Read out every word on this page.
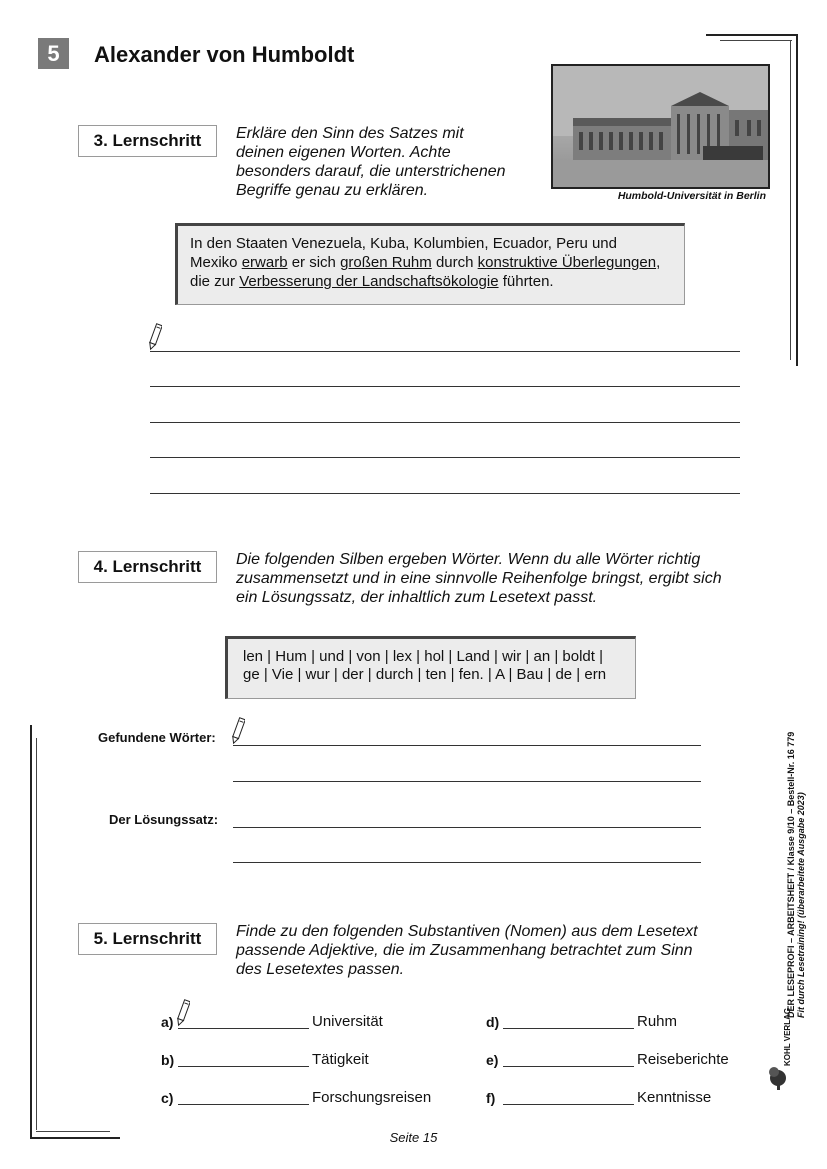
5	Alexander von Humboldt
Humbold-Universität in Berlin
3. Lernschritt	Erkläre den Sinn des Satzes mit
deinen eigenen Worten. Achte
besonders darauf, die unterstrichenen
Begriffe genau zu erklären.
In den Staaten Venezuela, Kuba, Kolumbien, Ecuador, Peru und
Mexiko erwarb er sich großen Ruhm durch konstruktive Überlegungen,
die zur Verbesserung der Landschaftsökologie führten.
4. Lernschritt	Die folgenden Silben ergeben Wörter. Wenn du alle Wörter richtig
zusammensetzt und in eine sinnvolle Reihenfolge bringst, ergibt sich
ein Lösungssatz, der inhaltlich zum Lesetext passt.
len | Hum | und | von | lex | hol | Land | wir | an | boldt |
ge | Vie | wur | der | durch | ten | fen. | A | Bau | de | ern
Gefundene Wörter:
Der Lösungssatz:
5. Lernschritt	Finde zu den folgenden Substantiven (Nomen) aus dem Lesetext
passende Adjektive, die im Zusammenhang betrachtet zum Sinn
des Lesetextes passen.
a)	Universität
b)	Tätigkeit
c)	Forschungsreisen
d)	Ruhm
e)	Reiseberichte
f)	Kenntnisse
DER LESEPROFI – ARBEITSHEFT / Klasse 9/10 – Bestell-Nr. 16 779 Fit durch Lesetraining! (überarbeitete Ausgabe 2023)
KOHL VERLAG
Seite 15
